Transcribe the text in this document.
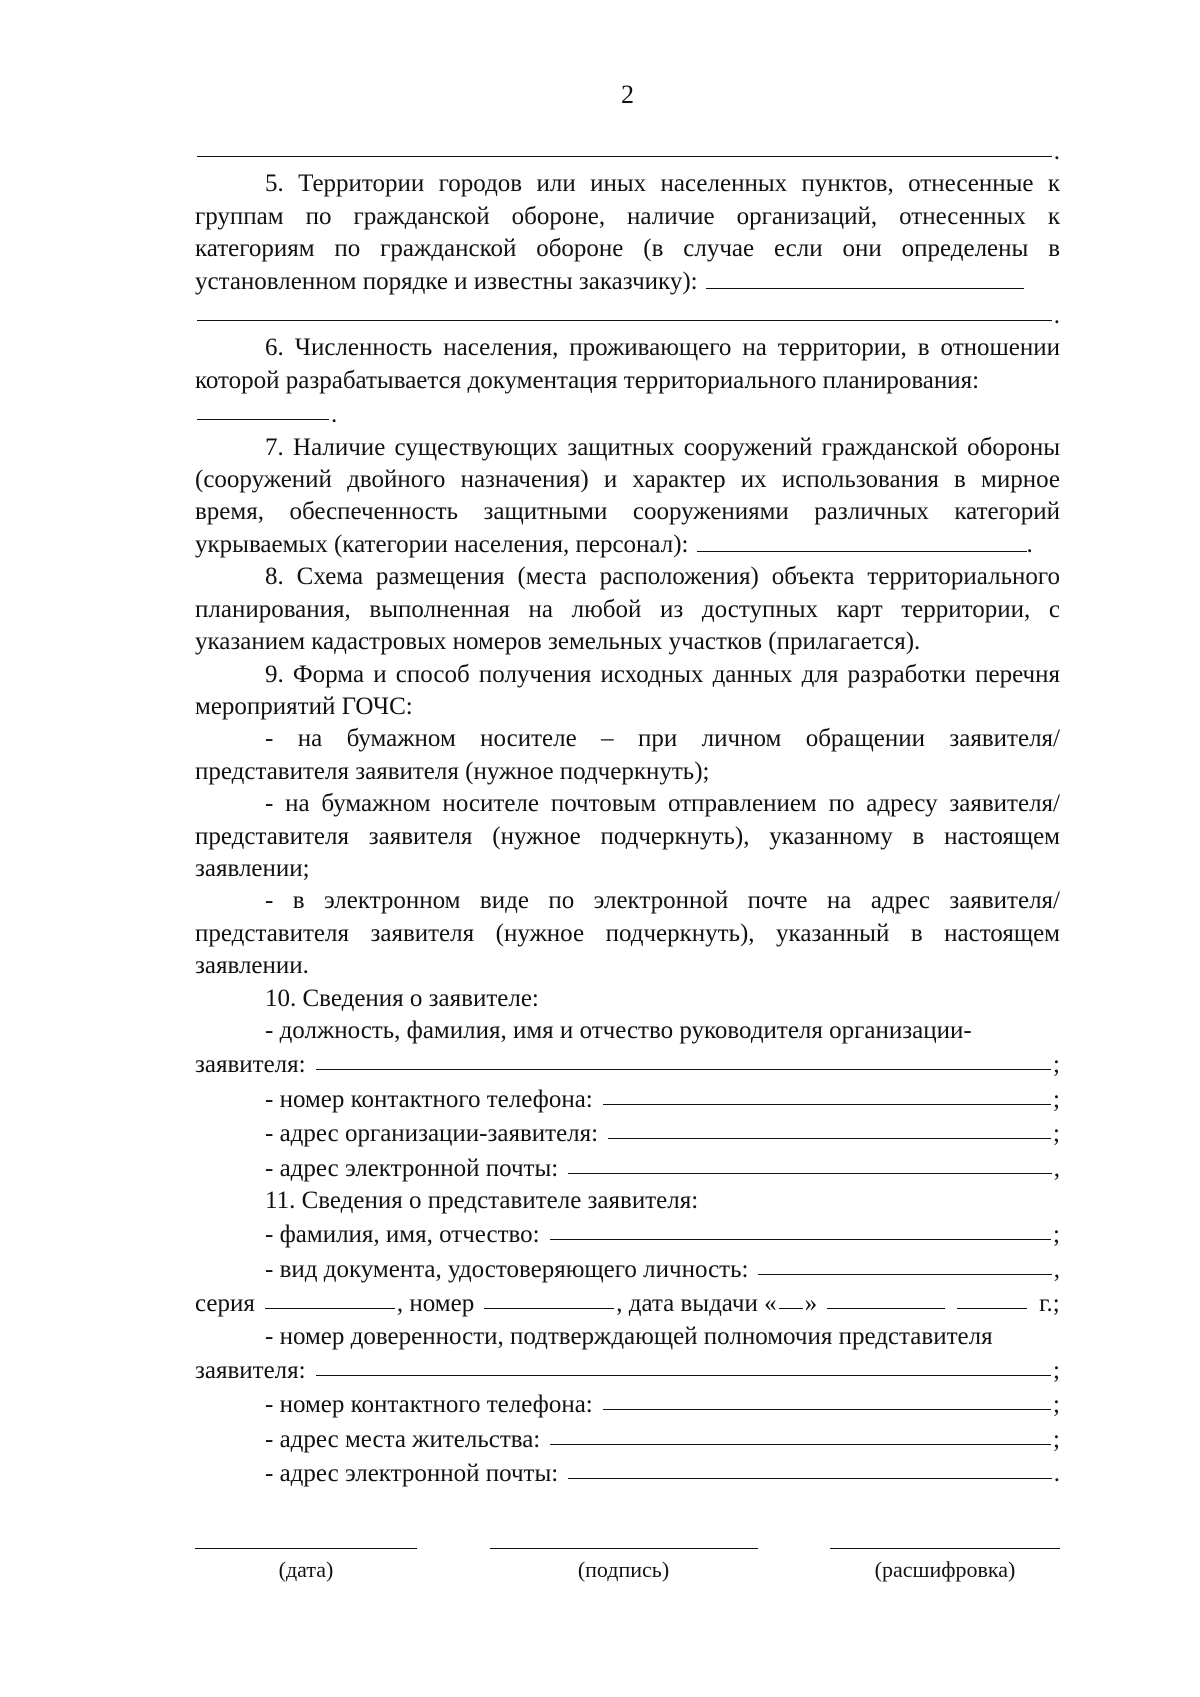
2
.

5. Территории городов или иных населенных пунктов, отнесенные к группам по гражданской обороне, наличие организаций, отнесенных к категориям по гражданской обороне (в случае если они определены в установленном порядке и известны заказчику):

.

6. Численность населения, проживающего на территории, в отношении которой разрабатывается документация территориального планирования:

.

7. Наличие существующих защитных сооружений гражданской обороны (сооружений двойного назначения) и характер их использования в мирное время, обеспеченность защитными сооружениями различных категорий укрываемых (категории населения, персонал):	.

8. Схема размещения (места расположения) объекта территориального планирования, выполненная на любой из доступных карт территории, с указанием кадастровых номеров земельных участков (прилагается).

9. Форма и способ получения исходных данных для разработки перечня мероприятий ГОЧС:

- на бумажном носителе – при личном обращении заявителя/ представителя заявителя (нужное подчеркнуть);

- на бумажном носителе почтовым отправлением по адресу заявителя/ представителя заявителя (нужное подчеркнуть), указанному в настоящем заявлении;

- в электронном виде по электронной почте на адрес заявителя/ представителя заявителя (нужное подчеркнуть), указанный в настоящем заявлении.

10. Сведения о заявителе:

- должность, фамилия, имя и отчество руководителя организации-

заявителя:	;
- номер контактного телефона:	;
- адрес организации-заявителя:	;
- адрес электронной почты:	,

11. Сведения о представителе заявителя:

- фамилия, имя, отчество:	;
- вид документа, удостоверяющего личность:	,
серия	, номер	, дата выдачи « »	г.;

- номер доверенности, подтверждающей полномочия представителя

заявителя:	;
- номер контактного телефона:	;
- адрес места жительства:	;
- адрес электронной почты:	.
(дата)	(подпись)	(расшифровка)
